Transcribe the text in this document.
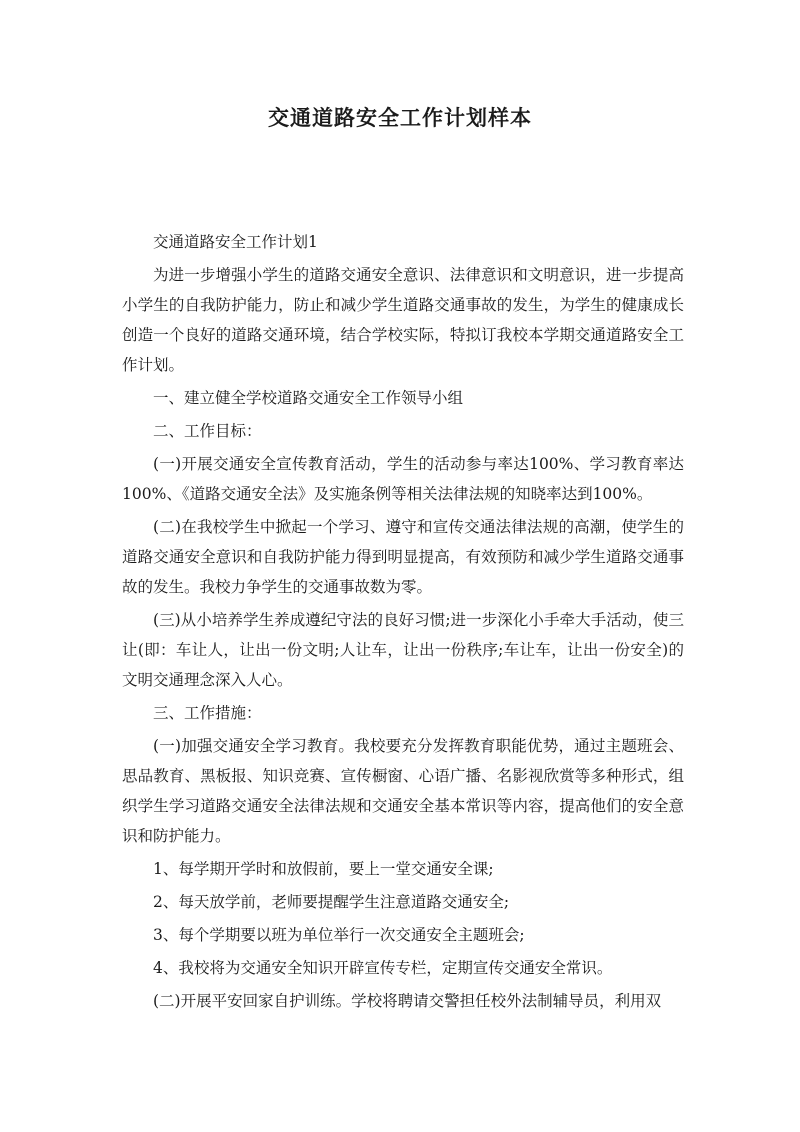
交通道路安全工作计划样本

交通道路安全工作计划1

为进一步增强小学生的道路交通安全意识、法律意识和文明意识，进一步提高小学生的自我防护能力，防止和减少学生道路交通事故的发生，为学生的健康成长创造一个良好的道路交通环境，结合学校实际，特拟订我校本学期交通道路安全工作计划。

一、建立健全学校道路交通安全工作领导小组

二、工作目标：

(一)开展交通安全宣传教育活动，学生的活动参与率达100%、学习教育率达100%、《道路交通安全法》及实施条例等相关法律法规的知晓率达到100%。

(二)在我校学生中掀起一个学习、遵守和宣传交通法律法规的高潮，使学生的道路交通安全意识和自我防护能力得到明显提高，有效预防和减少学生道路交通事故的发生。我校力争学生的交通事故数为零。

(三)从小培养学生养成遵纪守法的良好习惯;进一步深化小手牵大手活动，使三让(即：车让人，让出一份文明;人让车，让出一份秩序;车让车，让出一份安全)的文明交通理念深入人心。

三、工作措施：

(一)加强交通安全学习教育。我校要充分发挥教育职能优势，通过主题班会、思品教育、黑板报、知识竞赛、宣传橱窗、心语广播、名影视欣赏等多种形式，组织学生学习道路交通安全法律法规和交通安全基本常识等内容，提高他们的安全意识和防护能力。

1、每学期开学时和放假前，要上一堂交通安全课;

2、每天放学前，老师要提醒学生注意道路交通安全;

3、每个学期要以班为单位举行一次交通安全主题班会;

4、我校将为交通安全知识开辟宣传专栏，定期宣传交通安全常识。

(二)开展平安回家自护训练。学校将聘请交警担任校外法制辅导员，利用双
